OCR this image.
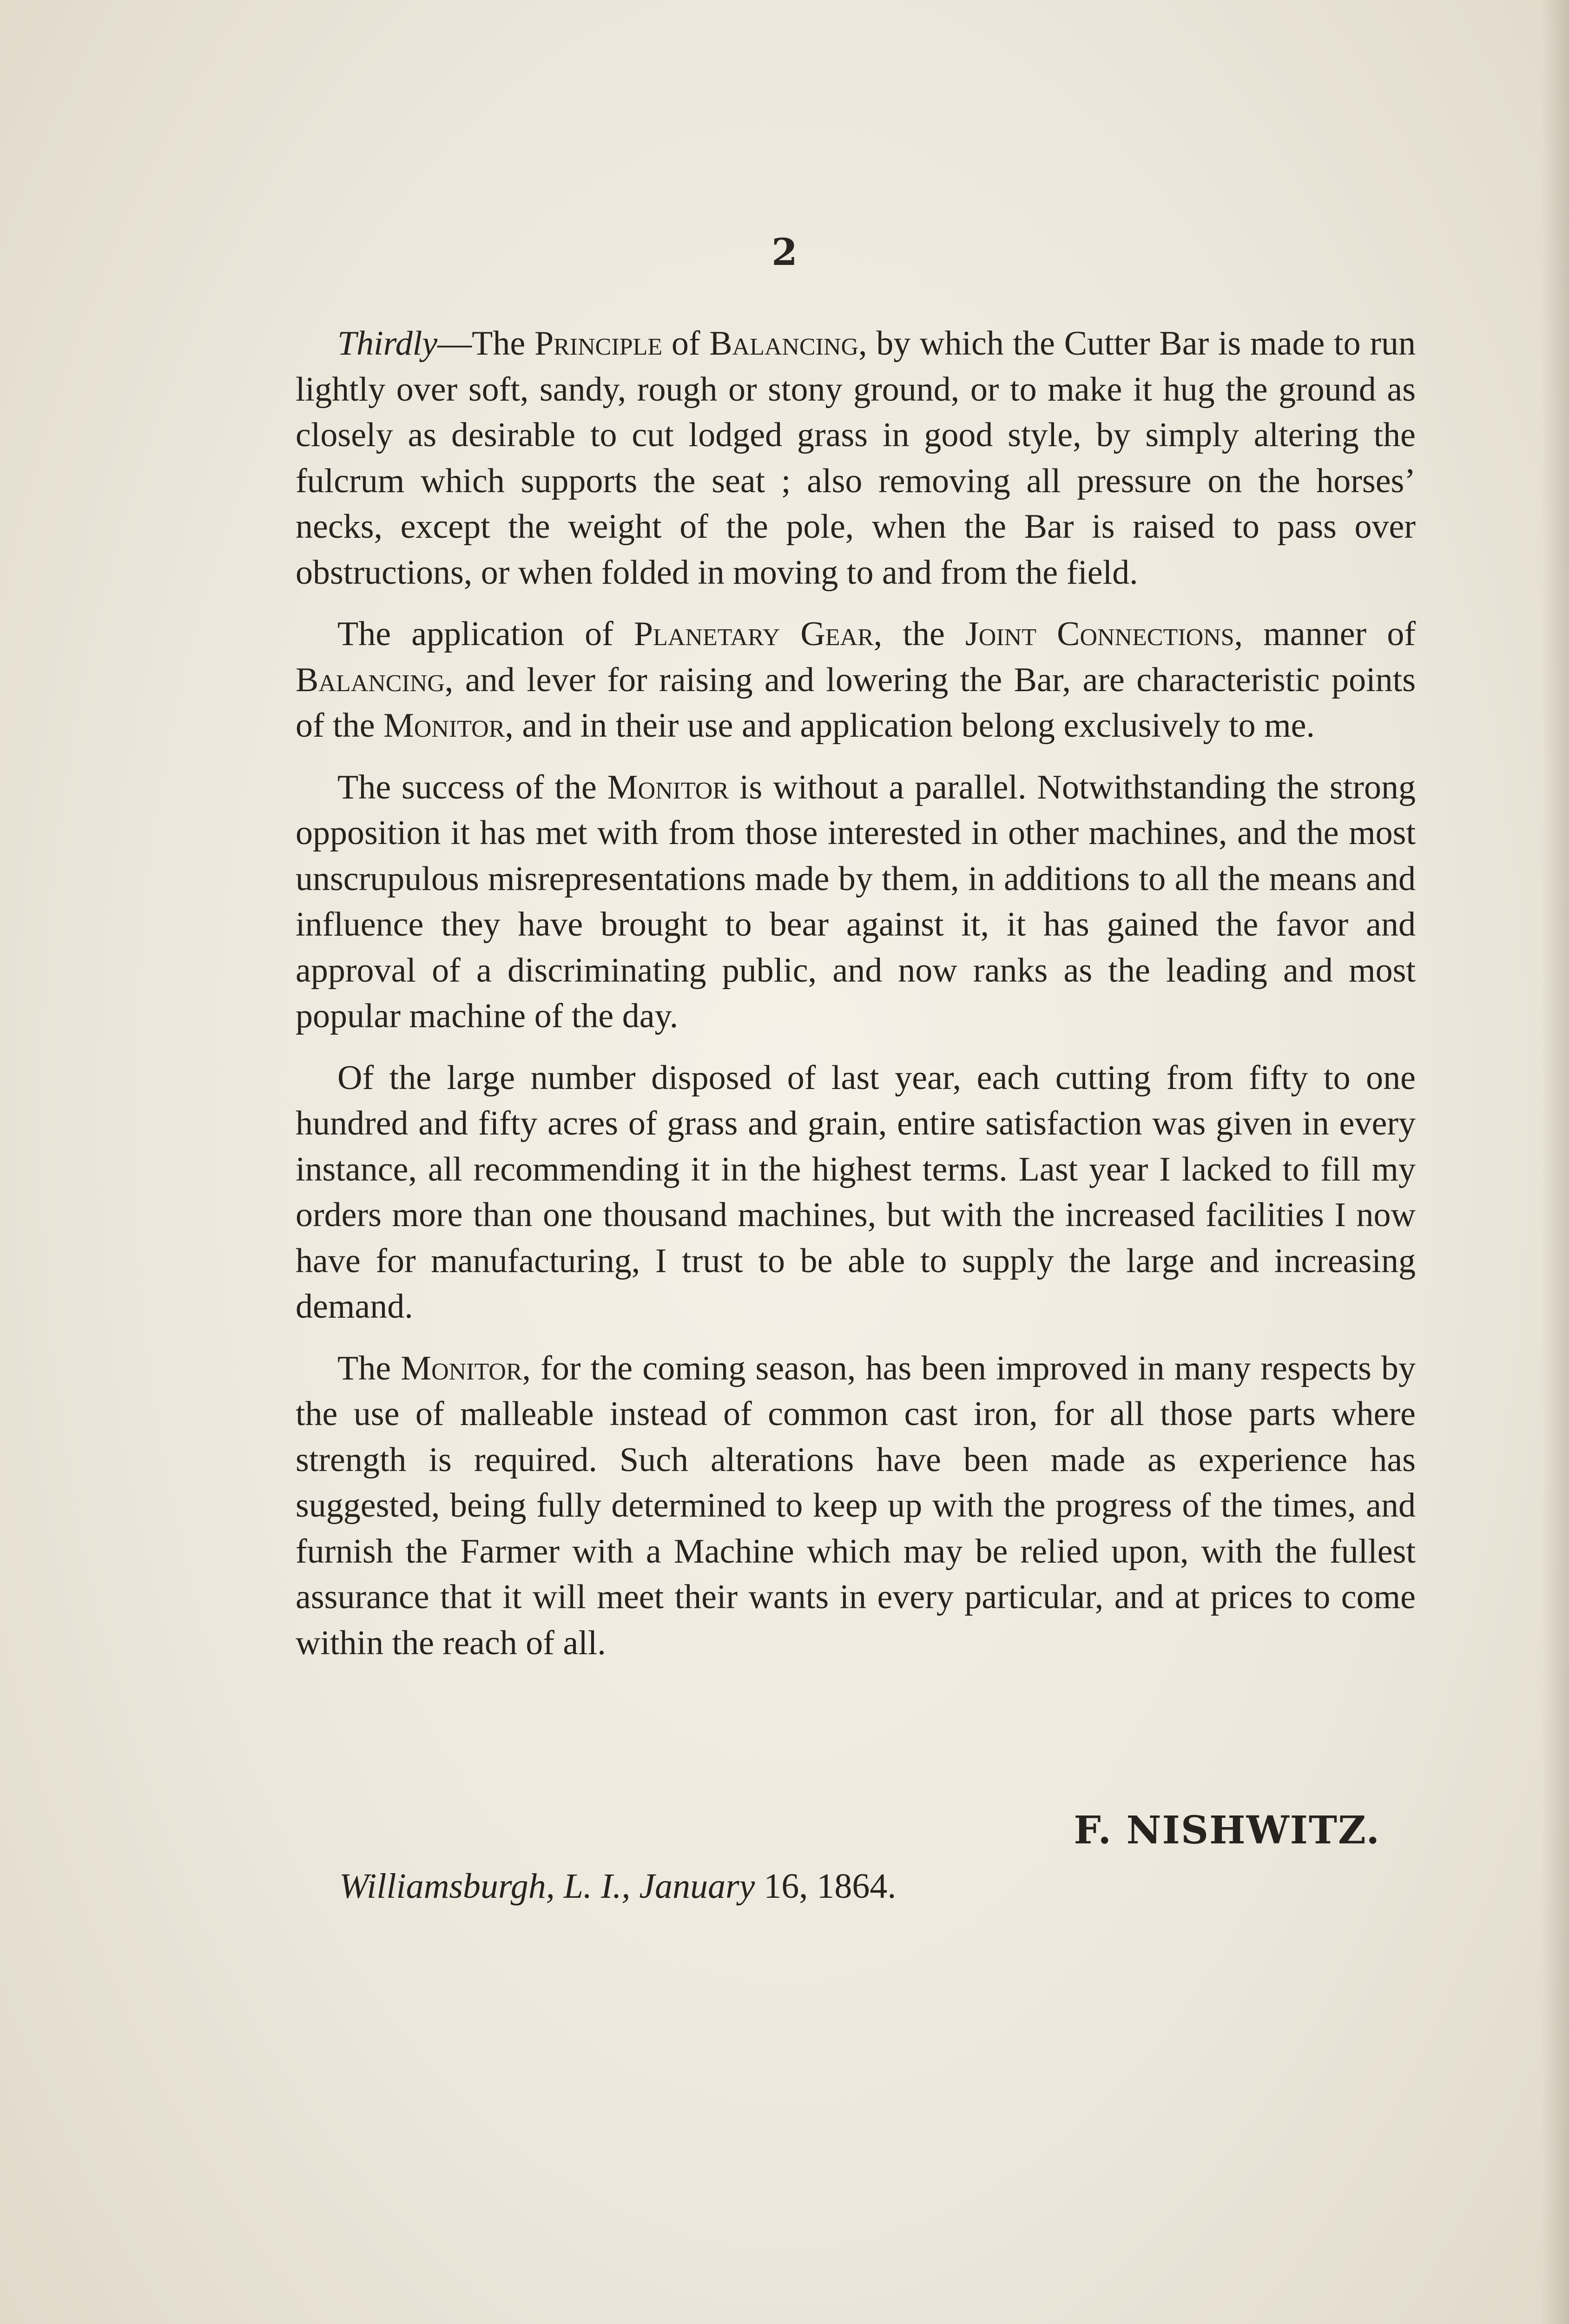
2

Thirdly—The Principle of Balancing, by which the Cutter Bar is made to run lightly over soft, sandy, rough or stony ground, or to make it hug the ground as closely as desirable to cut lodged grass in good style, by simply altering the fulcrum which supports the seat ; also removing all pressure on the horses’ necks, except the weight of the pole, when the Bar is raised to pass over obstructions, or when folded in moving to and from the field.

The application of Planetary Gear, the Joint Connections, manner of Balancing, and lever for raising and lowering the Bar, are characteristic points of the Monitor, and in their use and application belong exclusively to me.

The success of the Monitor is without a parallel. Notwithstanding the strong opposition it has met with from those interested in other machines, and the most unscrupulous misrepresentations made by them, in additions to all the means and influence they have brought to bear against it, it has gained the favor and approval of a discriminating public, and now ranks as the leading and most popular machine of the day.

Of the large number disposed of last year, each cutting from fifty to one hundred and fifty acres of grass and grain, entire satisfaction was given in every instance, all recommending it in the highest terms. Last year I lacked to fill my orders more than one thousand machines, but with the increased facilities I now have for manufacturing, I trust to be able to supply the large and increasing demand.

The Monitor, for the coming season, has been improved in many respects by the use of malleable instead of common cast iron, for all those parts where strength is required. Such alterations have been made as experience has suggested, being fully determined to keep up with the progress of the times, and furnish the Farmer with a Machine which may be relied upon, with the fullest assurance that it will meet their wants in every particular, and at prices to come within the reach of all.

F. NISHWITZ.
Williamsburgh, L. I., January 16, 1864.
